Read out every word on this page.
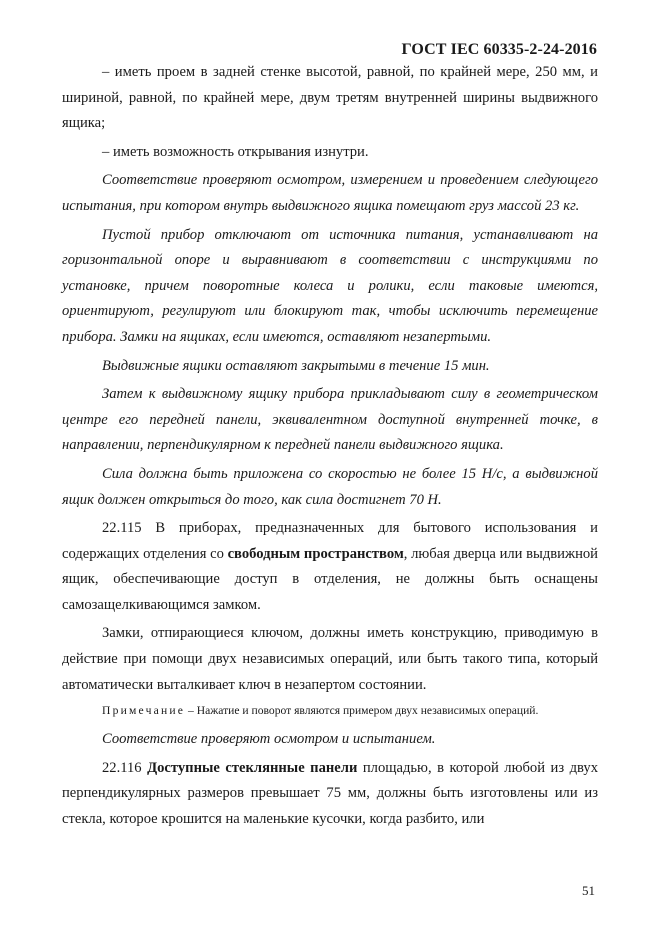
ГОСТ IEC 60335-2-24-2016

– иметь проем в задней стенке высотой, равной, по крайней мере, 250 мм, и шириной, равной, по крайней мере, двум третям внутренней ширины выдвижного ящика;

– иметь возможность открывания изнутри.

Соответствие проверяют осмотром, измерением и проведением следующего испытания, при котором внутрь выдвижного ящика помещают груз массой 23 кг.

Пустой прибор отключают от источника питания, устанавливают на горизонтальной опоре и выравнивают в соответствии с инструкциями по установке, причем поворотные колеса и ролики, если таковые имеются, ориентируют, регулируют или блокируют так, чтобы исключить перемещение прибора. Замки на ящиках, если имеются, оставляют незапертыми.

Выдвижные ящики оставляют закрытыми в течение 15 мин.

Затем к выдвижному ящику прибора прикладывают силу в геометрическом центре его передней панели, эквивалентном доступной внутренней точке, в направлении, перпендикулярном к передней панели выдвижного ящика.

Сила должна быть приложена со скоростью не более 15 Н/с, а выдвижной ящик должен открыться до того, как сила достигнет 70 Н.

22.115 В приборах, предназначенных для бытового использования и содержащих отделения со свободным пространством, любая дверца или выдвижной ящик, обеспечивающие доступ в отделения, не должны быть оснащены самозащелкивающимся замком.

Замки, отпирающиеся ключом, должны иметь конструкцию, приводимую в действие при помощи двух независимых операций, или быть такого типа, который автоматически выталкивает ключ в незапертом состоянии.

Примечание – Нажатие и поворот являются примером двух независимых операций.

Соответствие проверяют осмотром и испытанием.

22.116 Доступные стеклянные панели площадью, в которой любой из двух перпендикулярных размеров превышает 75 мм, должны быть изготовлены или из стекла, которое крошится на маленькие кусочки, когда разбито, или

51
